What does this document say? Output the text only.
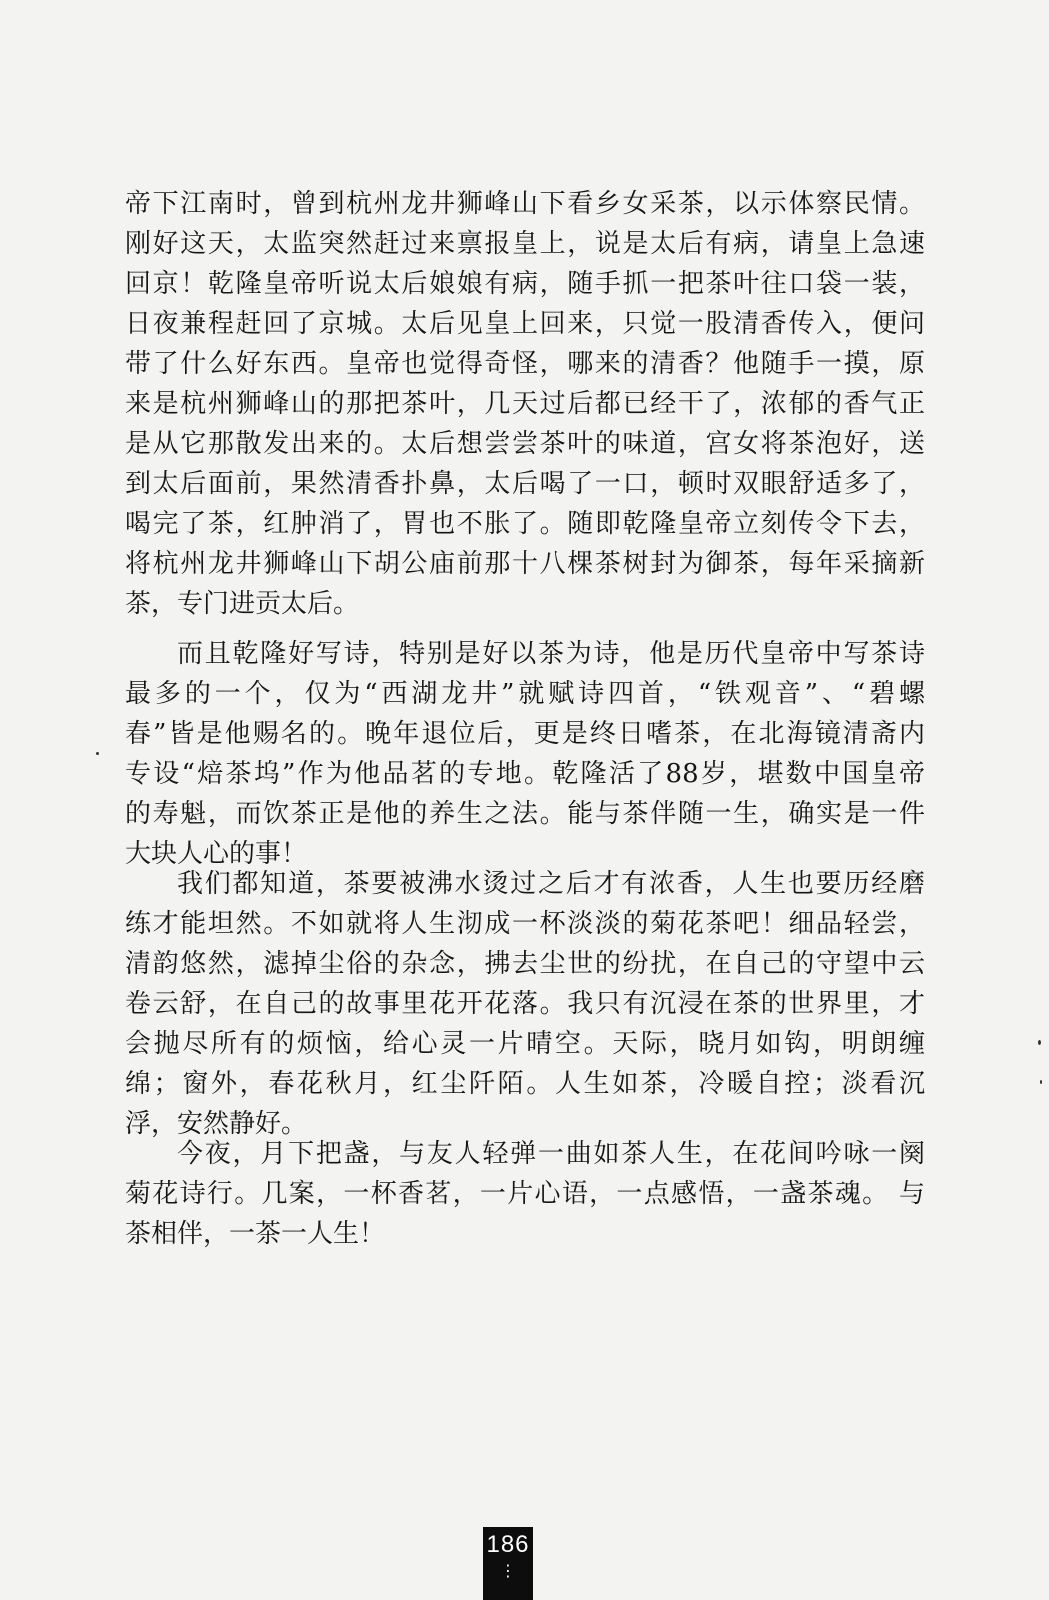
帝下江南时，曾到杭州龙井狮峰山下看乡女采茶，以示体察民情。
刚好这天，太监突然赶过来禀报皇上，说是太后有病，请皇上急速
回京！乾隆皇帝听说太后娘娘有病，随手抓一把茶叶往口袋一装，
日夜兼程赶回了京城。太后见皇上回来，只觉一股清香传入，便问
带了什么好东西。皇帝也觉得奇怪，哪来的清香？他随手一摸，原
来是杭州狮峰山的那把茶叶，几天过后都已经干了，浓郁的香气正
是从它那散发出来的。太后想尝尝茶叶的味道，宫女将茶泡好，送
到太后面前，果然清香扑鼻，太后喝了一口，顿时双眼舒适多了，
喝完了茶，红肿消了，胃也不胀了。随即乾隆皇帝立刻传令下去，
将杭州龙井狮峰山下胡公庙前那十八棵茶树封为御茶，每年采摘新
茶，专门进贡太后。
而且乾隆好写诗，特别是好以茶为诗，他是历代皇帝中写茶诗
最多的一个，仅为“西湖龙井”就赋诗四首，“铁观音”、“碧螺
春”皆是他赐名的。晚年退位后，更是终日嗜茶，在北海镜清斋内
专设“焙茶坞”作为他品茗的专地。乾隆活了88岁，堪数中国皇帝
的寿魁，而饮茶正是他的养生之法。能与茶伴随一生，确实是一件
大块人心的事！
我们都知道，茶要被沸水烫过之后才有浓香，人生也要历经磨
练才能坦然。不如就将人生沏成一杯淡淡的菊花茶吧！细品轻尝，
清韵悠然，滤掉尘俗的杂念，拂去尘世的纷扰，在自己的守望中云
卷云舒，在自己的故事里花开花落。我只有沉浸在茶的世界里，才
会抛尽所有的烦恼，给心灵一片晴空。天际，晓月如钩，明朗缠
绵；窗外，春花秋月，红尘阡陌。人生如茶，冷暖自控；淡看沉
浮，安然静好。
今夜，月下把盏，与友人轻弹一曲如茶人生，在花间吟咏一阕
菊花诗行。几案，一杯香茗，一片心语，一点感悟，一盏茶魂。 与
茶相伴，一茶一人生！
186
⋮
